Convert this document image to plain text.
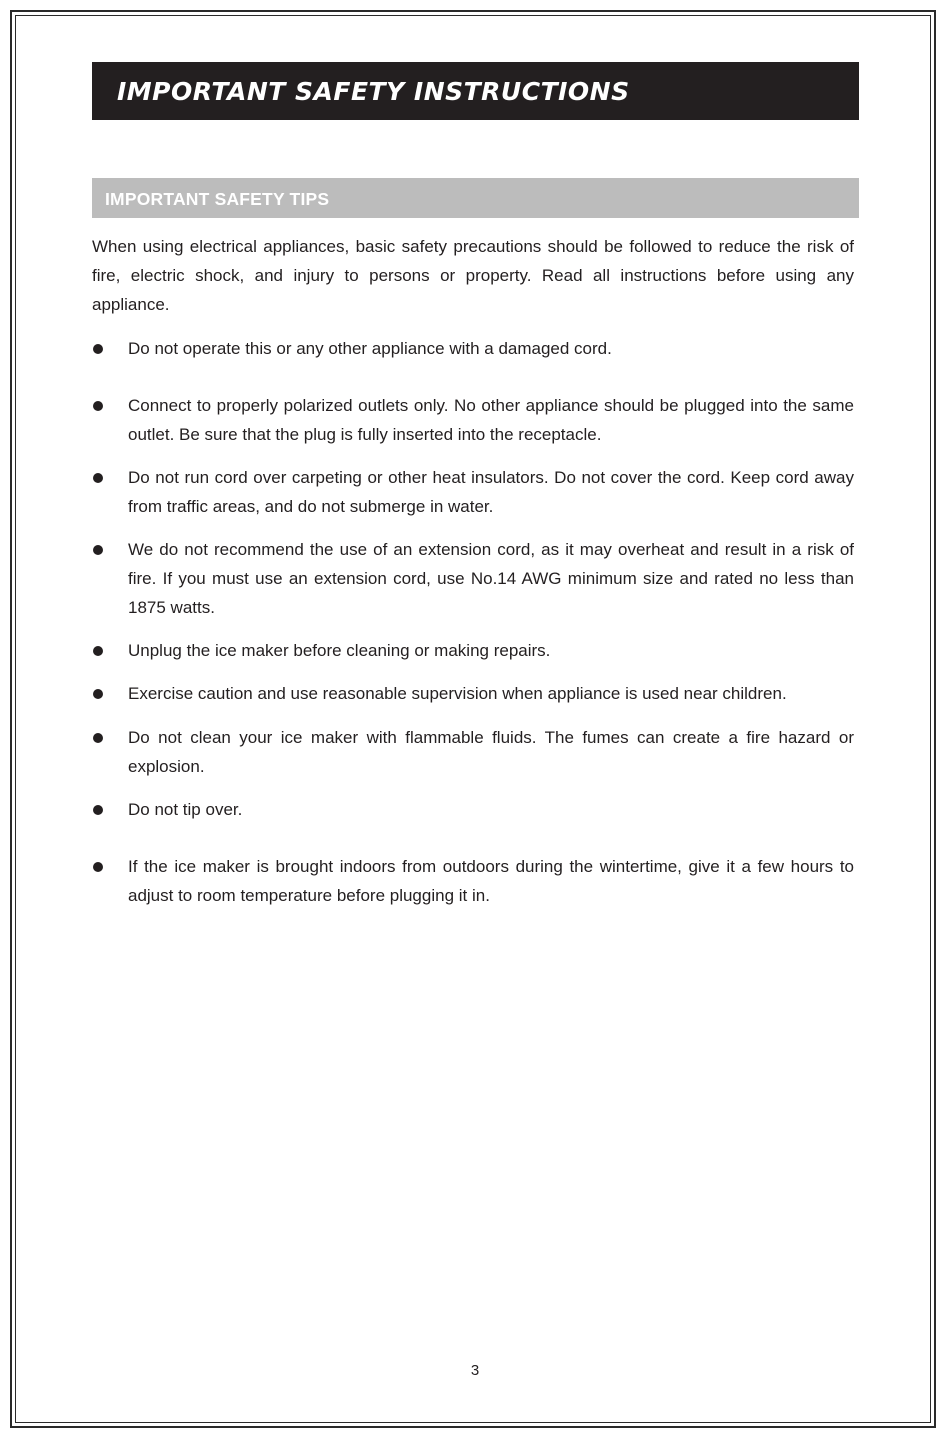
IMPORTANT SAFETY INSTRUCTIONS
IMPORTANT SAFETY TIPS

When using electrical appliances, basic safety precautions should be followed to reduce the risk of fire, electric shock, and injury to persons or property. Read all instructions before using any appliance.

Do not operate this or any other appliance with a damaged cord.

Connect to properly polarized outlets only. No other appliance should be plugged into the same outlet. Be sure that the plug is fully inserted into the receptacle.

Do not run cord over carpeting or other heat insulators. Do not cover the cord. Keep cord away from traffic areas, and do not submerge in water.

We do not recommend the use of an extension cord, as it may overheat and result in a risk of fire. If you must use an extension cord, use No.14 AWG minimum size and rated no less than 1875 watts.

Unplug the ice maker before cleaning or making repairs.

Exercise caution and use reasonable supervision when appliance is used near children.

Do not clean your ice maker with flammable fluids. The fumes can create a fire hazard or explosion.

Do not tip over.

If the ice maker is brought indoors from outdoors during the wintertime, give it a few hours to adjust to room temperature before plugging it in.

3
